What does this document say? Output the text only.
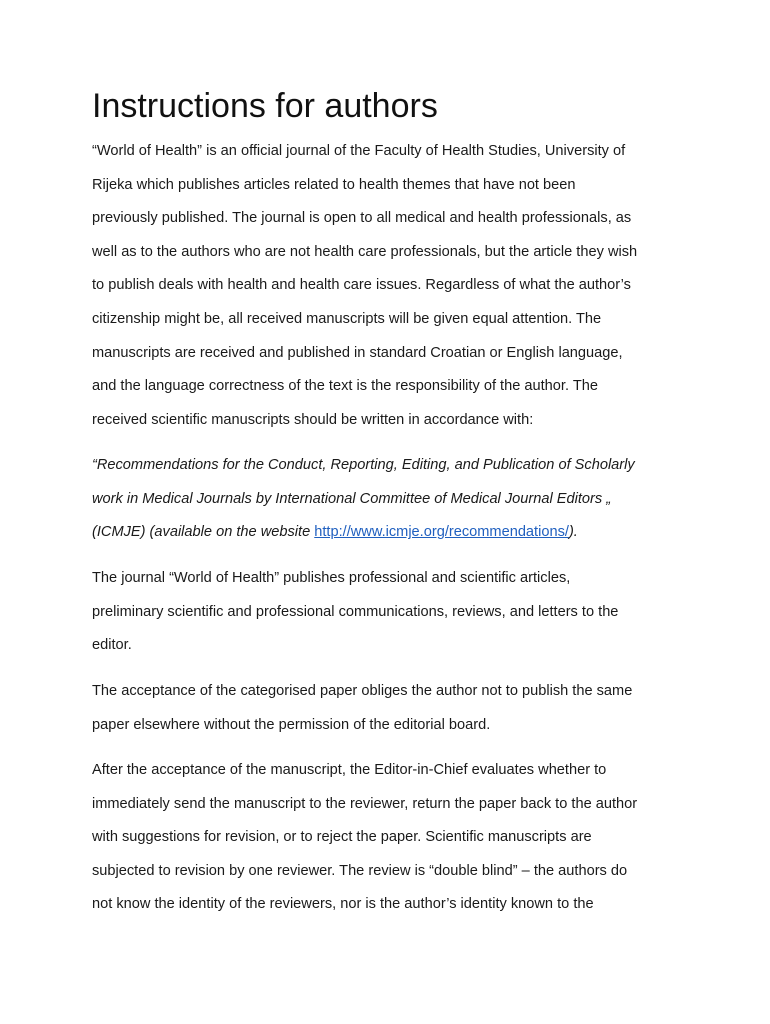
Instructions for authors
“World of Health” is an official journal of the Faculty of Health Studies, University of
Rijeka which publishes articles related to health themes that have not been
previously published. The journal is open to all medical and health professionals, as
well as to the authors who are not health care professionals, but the article they wish
to publish deals with health and health care issues. Regardless of what the author’s
citizenship might be, all received manuscripts will be given equal attention. The
manuscripts are received and published in standard Croatian or English language,
and the language correctness of the text is the responsibility of the author. The
received scientific manuscripts should be written in accordance with:
“Recommendations for the Conduct, Reporting, Editing, and Publication of Scholarly
work in Medical Journals by International Committee of Medical Journal Editors „
(ICMJE) (available on the website http://www.icmje.org/recommendations/).
The journal “World of Health” publishes professional and scientific articles,
preliminary scientific and professional communications, reviews, and letters to the
editor.
The acceptance of the categorised paper obliges the author not to publish the same
paper elsewhere without the permission of the editorial board.
After the acceptance of the manuscript, the Editor-in-Chief evaluates whether to
immediately send the manuscript to the reviewer, return the paper back to the author
with suggestions for revision, or to reject the paper. Scientific manuscripts are
subjected to revision by one reviewer. The review is “double blind” – the authors do
not know the identity of the reviewers, nor is the author’s identity known to the
